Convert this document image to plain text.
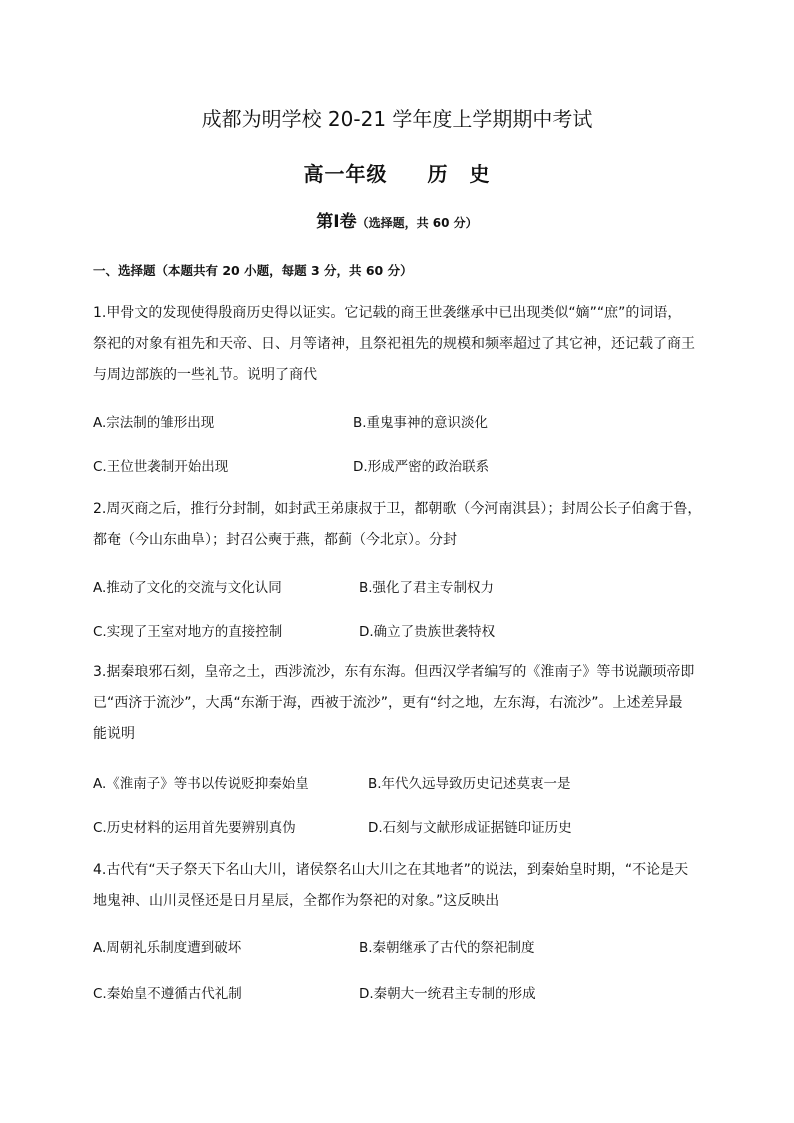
成都为明学校 20-21 学年度上学期期中考试
高一年级 历　史
第Ⅰ卷（选择题，共 60 分）
一、选择题（本题共有 20 小题，每题 3 分，共 60 分）
1.甲骨文的发现使得殷商历史得以证实。它记载的商王世袭继承中已出现类似“嫡”“庶”的词语，
祭祀的对象有祖先和天帝、日、月等诸神，且祭祀祖先的规模和频率超过了其它神，还记载了商王
与周边部族的一些礼节。说明了商代
A.宗法制的雏形出现	B.重鬼事神的意识淡化
C.王位世袭制开始出现	D.形成严密的政治联系
2.周灭商之后，推行分封制，如封武王弟康叔于卫，都朝歌（今河南淇县）；封周公长子伯禽于鲁，
都奄（今山东曲阜）；封召公奭于燕，都蓟（今北京）。分封
A.推动了文化的交流与文化认同	B.强化了君主专制权力
C.实现了王室对地方的直接控制	D.确立了贵族世袭特权
3.据秦琅邪石刻，皇帝之土，西涉流沙，东有东海。但西汉学者编写的《淮南子》等书说颛顼帝即
已“西济于流沙”，大禹“东渐于海，西被于流沙”，更有“纣之地，左东海，右流沙”。上述差异最
能说明
A.《淮南子》等书以传说贬抑秦始皇	B.年代久远导致历史记述莫衷一是
C.历史材料的运用首先要辨别真伪	D.石刻与文献形成证据链印证历史
4.古代有“天子祭天下名山大川，诸侯祭名山大川之在其地者”的说法，到秦始皇时期，“不论是天
地鬼神、山川灵怪还是日月星辰，全都作为祭祀的对象。”这反映出
A.周朝礼乐制度遭到破坏	B.秦朝继承了古代的祭祀制度
C.秦始皇不遵循古代礼制	D.秦朝大一统君主专制的形成
